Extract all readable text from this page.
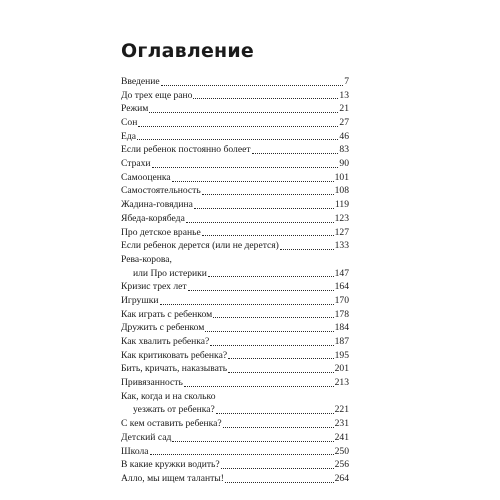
Оглавление
Введение	7
До трех еще рано	13
Режим	21
Сон	27
Еда	46
Если ребенок постоянно болеет	83
Страхи	90
Самооценка	101
Самостоятельность	108
Жадина-говядина	119
Ябеда-корябеда	123
Про детское вранье	127
Если ребенок дерется (или не дерется)	133
Рева-корова,
или Про истерики	147
Кризис трех лет	164
Игрушки	170
Как играть с ребенком	178
Дружить с ребенком	184
Как хвалить ребенка?	187
Как критиковать ребенка?	195
Бить, кричать, наказывать	201
Привязанность	213
Как, когда и на сколько
уезжать от ребенка?	221
С кем оставить ребенка?	231
Детский сад	241
Школа	250
В какие кружки водить?	256
Алло, мы ищем таланты!	264
